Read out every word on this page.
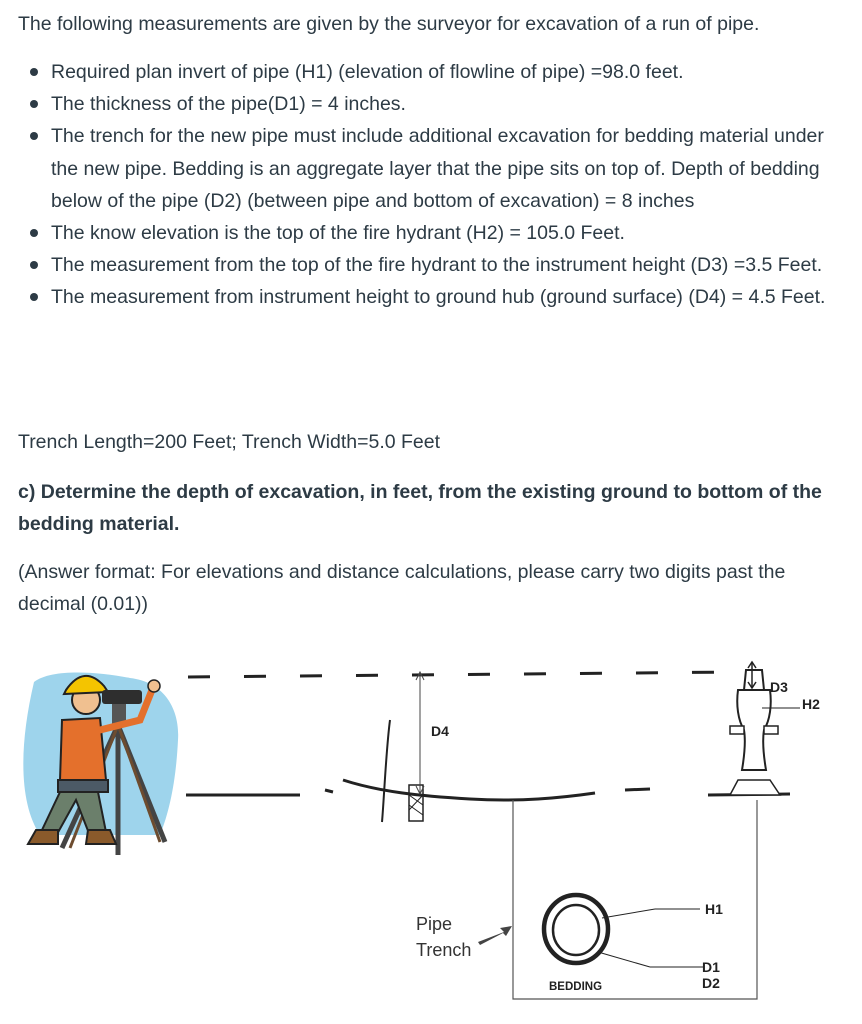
The following measurements are given by the surveyor for excavation of a run of pipe.

Required plan invert of pipe (H1) (elevation of flowline of pipe) =98.0 feet.
The thickness of the pipe(D1) = 4 inches.
The trench for the new pipe must include additional excavation for bedding material under the new pipe. Bedding is an aggregate layer that the pipe sits on top of. Depth of bedding below of the pipe (D2) (between pipe and bottom of excavation) = 8 inches
The know elevation is the top of the fire hydrant (H2) = 105.0 Feet.
The measurement from the top of the fire hydrant to the instrument height (D3) =3.5 Feet.
The measurement from instrument height to ground hub (ground surface) (D4) = 4.5 Feet.

Trench Length=200 Feet; Trench Width=5.0 Feet

c) Determine the depth of excavation, in feet, from the existing ground to bottom of the bedding material.

(Answer format: For elevations and distance calculations, please carry two digits past the decimal (0.01))

D4
D3
H2
H1
D1
D2
Pipe
Trench
BEDDING
